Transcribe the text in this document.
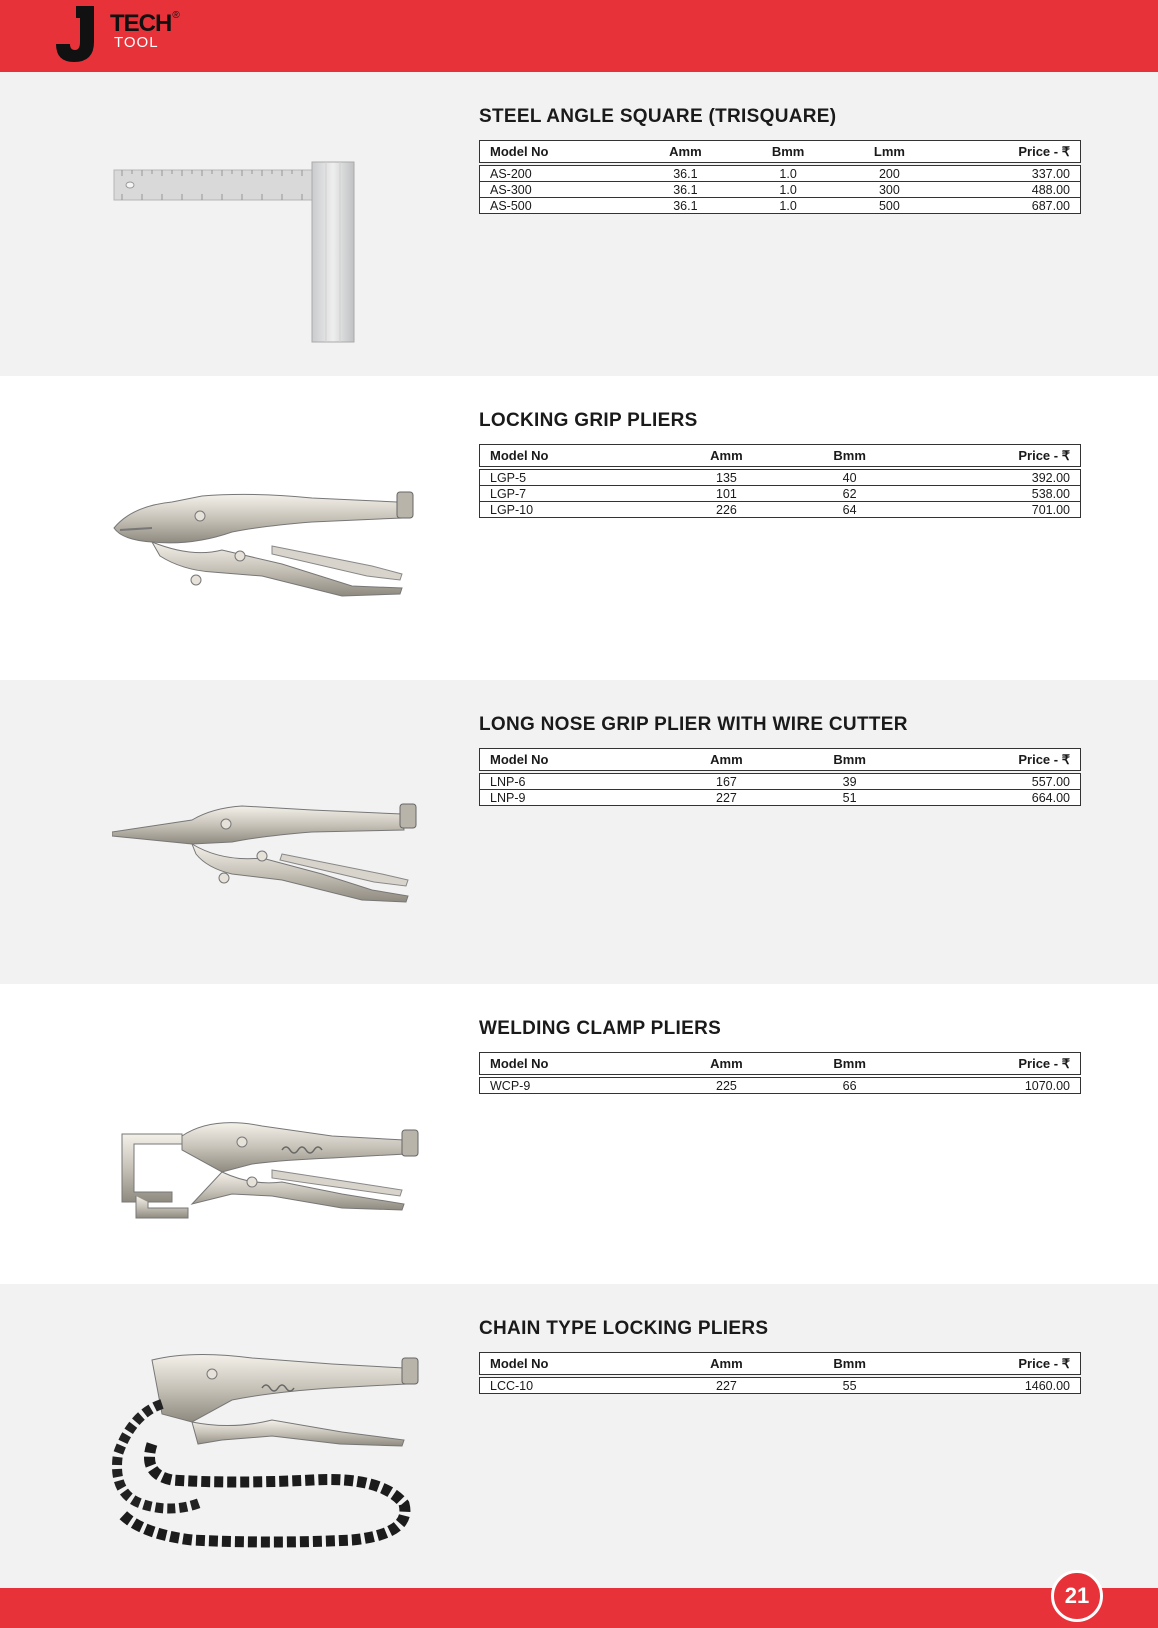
TECH®
TOOL
STEEL ANGLE SQUARE (TRISQUARE)
Model No	Amm	Bmm	Lmm	Price - ₹

AS-200	36.1	1.0	200	337.00
AS-300	36.1	1.0	300	488.00
AS-500	36.1	1.0	500	687.00
LOCKING GRIP PLIERS
Model No	Amm	Bmm	Price - ₹

LGP-5	135	40	392.00
LGP-7	101	62	538.00
LGP-10	226	64	701.00
LONG NOSE GRIP PLIER WITH WIRE CUTTER
Model No	Amm	Bmm	Price - ₹

LNP-6	167	39	557.00
LNP-9	227	51	664.00
WELDING CLAMP PLIERS
Model No	Amm	Bmm	Price - ₹

WCP-9	225	66	1070.00
CHAIN TYPE LOCKING PLIERS
Model No	Amm	Bmm	Price - ₹

LCC-10	227	55	1460.00
21
